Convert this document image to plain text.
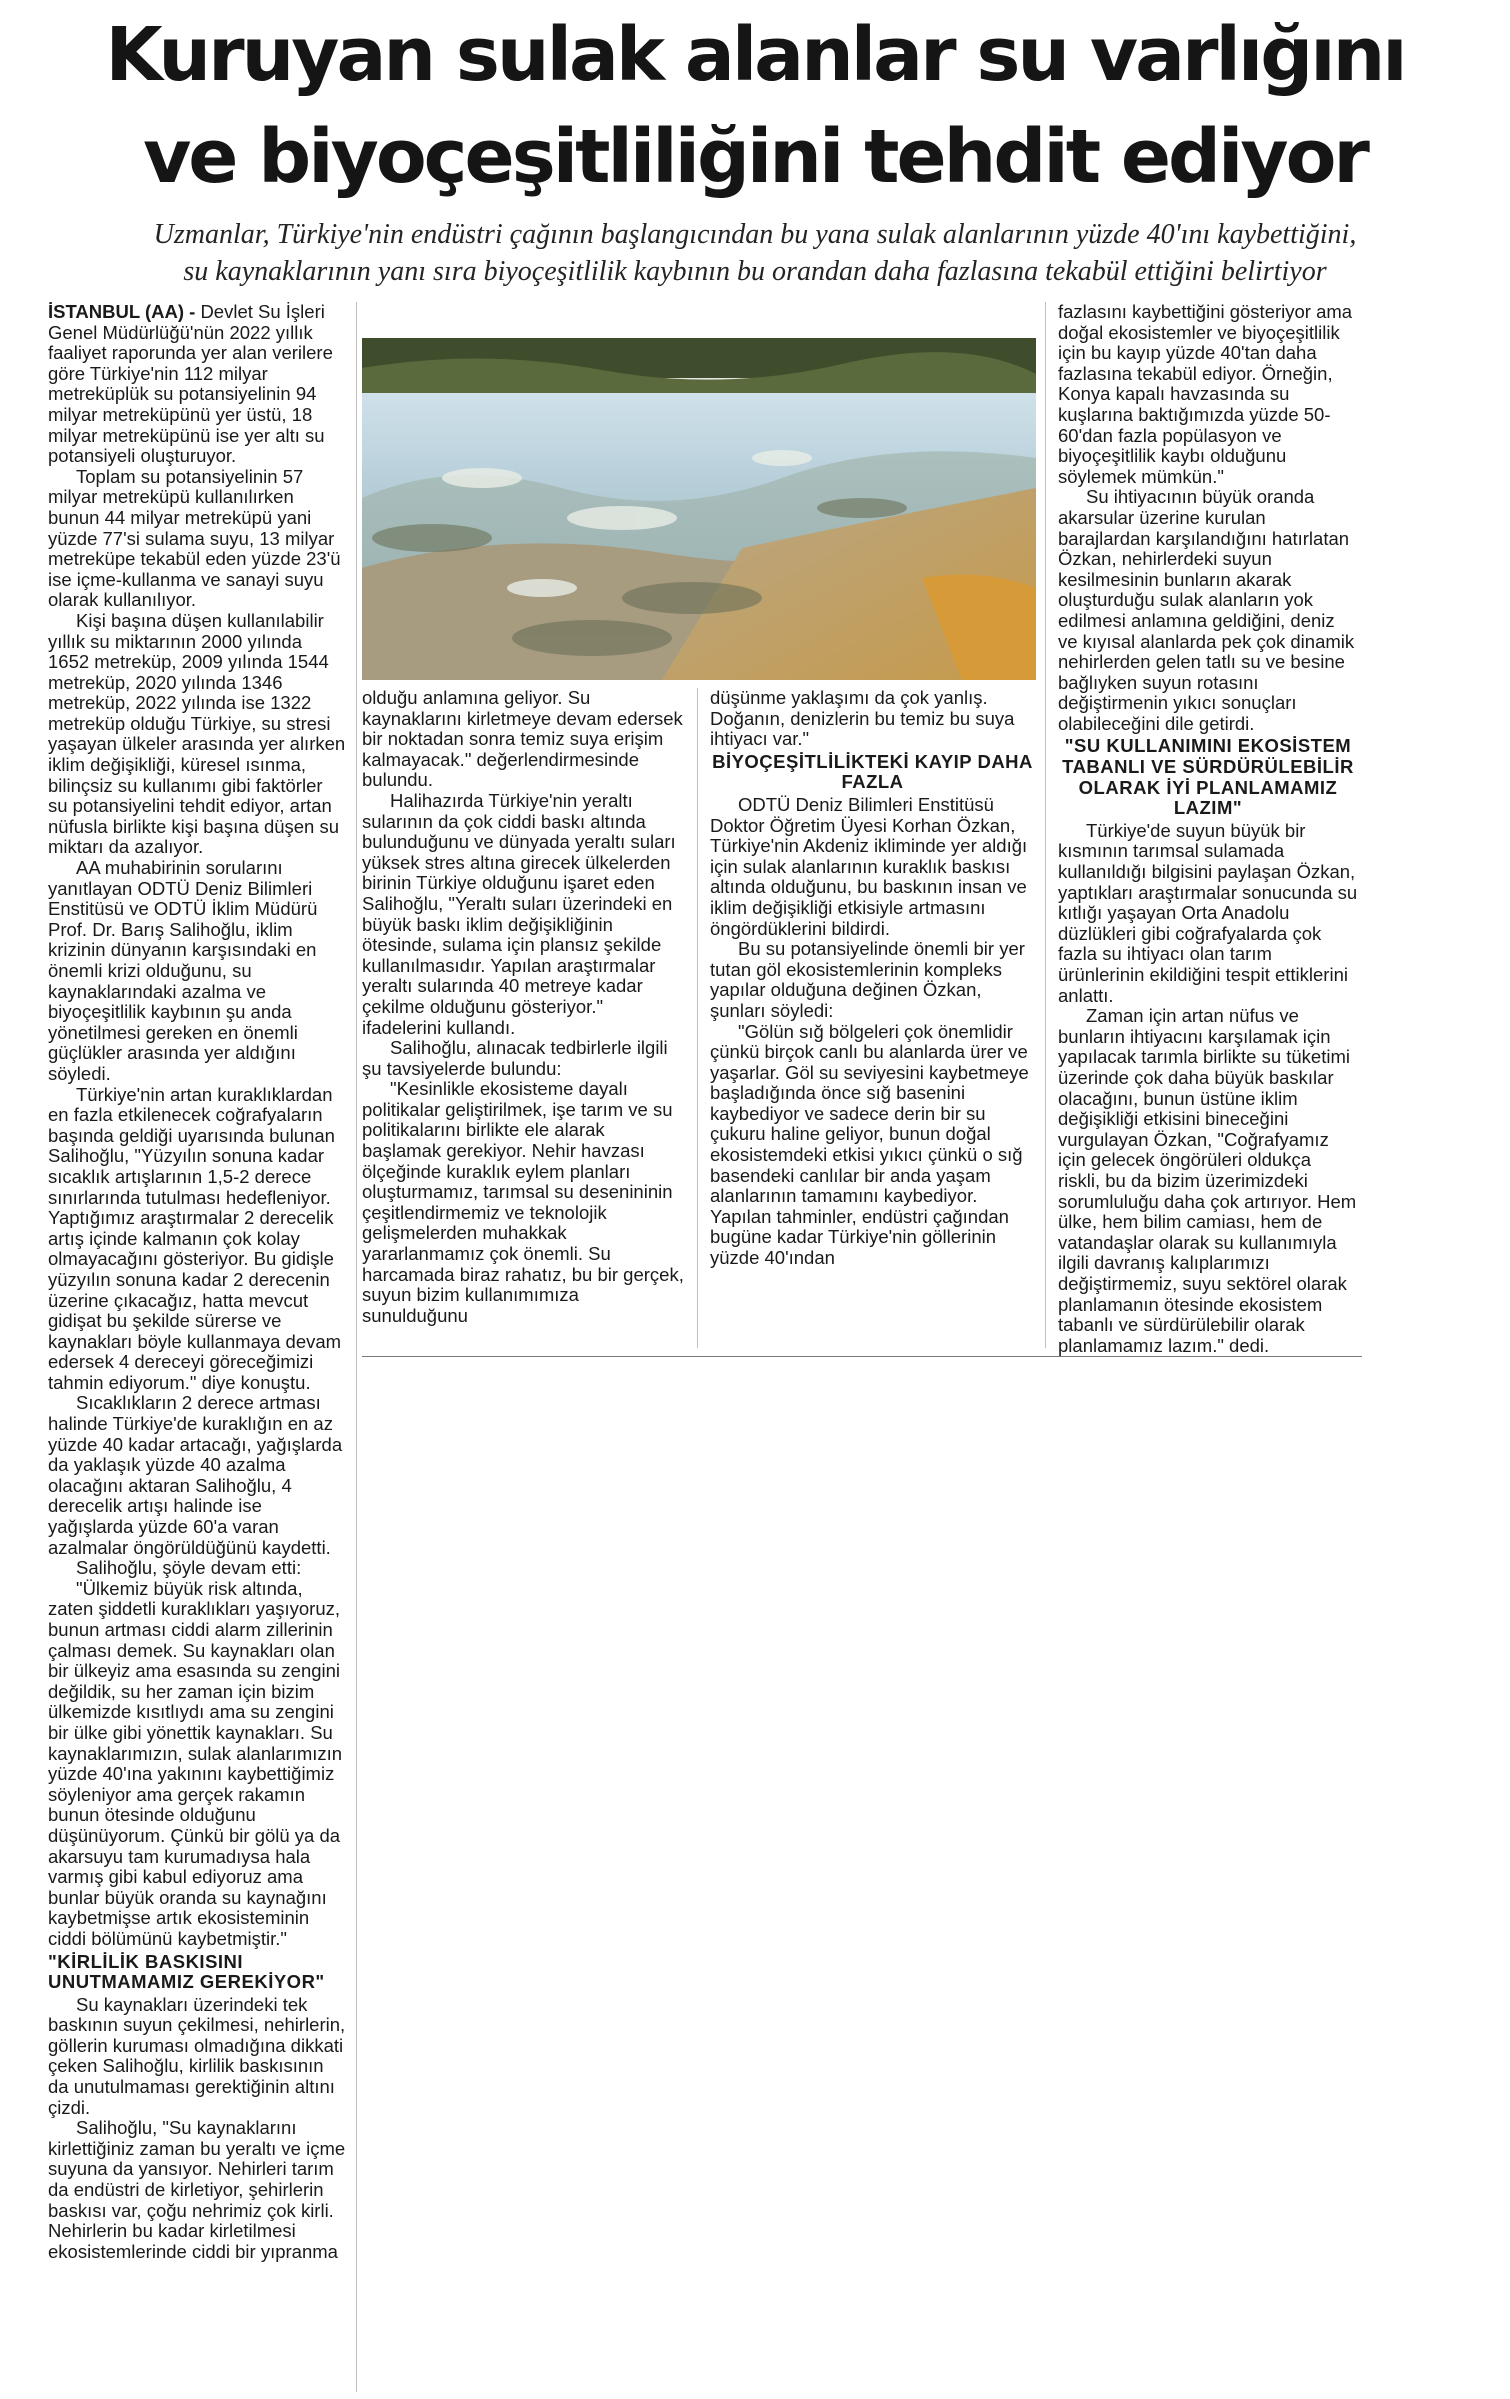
Kuruyan sulak alanlar su varlığını
ve biyoçeşitliliğini tehdit ediyor
Uzmanlar, Türkiye'nin endüstri çağının başlangıcından bu yana sulak alanlarının yüzde 40'ını kaybettiğini,
su kaynaklarının yanı sıra biyoçeşitlilik kaybının bu orandan daha fazlasına tekabül ettiğini belirtiyor

İSTANBUL (AA) - Devlet Su İşleri Genel Müdürlüğü'nün 2022 yıllık faaliyet raporunda yer alan verilere göre Türkiye'nin 112 milyar metreküplük su potansiyelinin 94 milyar metreküpünü yer üstü, 18 milyar metreküpünü ise yer altı su potansiyeli oluşturuyor.

Toplam su potansiyelinin 57 milyar metreküpü kullanılırken bunun 44 milyar metreküpü yani yüzde 77'si sulama suyu, 13 milyar metreküpe tekabül eden yüzde 23'ü ise içme-kullanma ve sanayi suyu olarak kullanılıyor.

Kişi başına düşen kullanılabilir yıllık su miktarının 2000 yılında 1652 metreküp, 2009 yılında 1544 metreküp, 2020 yılında 1346 metreküp, 2022 yılında ise 1322 metreküp olduğu Türkiye, su stresi yaşayan ülkeler arasında yer alırken iklim değişikliği, küresel ısınma, bilinçsiz su kullanımı gibi faktörler su potansiyelini tehdit ediyor, artan nüfusla birlikte kişi başına düşen su miktarı da azalıyor.

AA muhabirinin sorularını yanıtlayan ODTÜ Deniz Bilimleri Enstitüsü ve ODTÜ İklim Müdürü Prof. Dr. Barış Salihoğlu, iklim krizinin dünyanın karşısındaki en önemli krizi olduğunu, su kaynaklarındaki azalma ve biyoçeşitlilik kaybının şu anda yönetilmesi gereken en önemli güçlükler arasında yer aldığını söyledi.

Türkiye'nin artan kuraklıklardan en fazla etkilenecek coğrafyaların başında geldiği uyarısında bulunan Salihoğlu, "Yüzyılın sonuna kadar sıcaklık artışlarının 1,5-2 derece sınırlarında tutulması hedefleniyor. Yaptığımız araştırmalar 2 derecelik artış içinde kalmanın çok kolay olmayacağını gösteriyor. Bu gidişle yüzyılın sonuna kadar 2 derecenin üzerine çıkacağız, hatta mevcut gidişat bu şekilde sürerse ve kaynakları böyle kullanmaya devam edersek 4 dereceyi göreceğimizi tahmin ediyorum." diye konuştu.

Sıcaklıkların 2 derece artması halinde Türkiye'de kuraklığın en az yüzde 40 kadar artacağı, yağışlarda da yaklaşık yüzde 40 azalma olacağını aktaran Salihoğlu, 4 derecelik artışı halinde ise yağışlarda yüzde 60'a varan azalmalar öngörüldüğünü kaydetti.

Salihoğlu, şöyle devam etti:

"Ülkemiz büyük risk altında, zaten şiddetli kuraklıkları yaşıyoruz, bunun artması ciddi alarm zillerinin çalması demek. Su kaynakları olan bir ülkeyiz ama esasında su zengini değildik, su her zaman için bizim ülkemizde kısıtlıydı ama su zengini bir ülke gibi yönettik kaynakları. Su kaynaklarımızın, sulak alanlarımızın yüzde 40'ına yakınını kaybettiğimiz söyleniyor ama gerçek rakamın bunun ötesinde olduğunu düşünüyorum. Çünkü bir gölü ya da akarsuyu tam kurumadıysa hala varmış gibi kabul ediyoruz ama bunlar büyük oranda su kaynağını kaybetmişse artık ekosisteminin ciddi bölümünü kaybetmiştir."

"KİRLİLİK BASKISINI UNUTMAMAMIZ GEREKİYOR"

Su kaynakları üzerindeki tek baskının suyun çekilmesi, nehirlerin, göllerin kuruması olmadığına dikkati çeken Salihoğlu, kirlilik baskısının da unutulmaması gerektiğinin altını çizdi.

Salihoğlu, "Su kaynaklarını kirlettiğiniz zaman bu yeraltı ve içme suyuna da yansıyor. Nehirleri tarım da endüstri de kirletiyor, şehirlerin baskısı var, çoğu nehrimiz çok kirli. Nehirlerin bu kadar kirletilmesi ekosistemlerinde ciddi bir yıpranma

olduğu anlamına geliyor. Su kaynaklarını kirletmeye devam edersek bir noktadan sonra temiz suya erişim kalmayacak." değerlendirmesinde bulundu.

Halihazırda Türkiye'nin yeraltı sularının da çok ciddi baskı altında bulunduğunu ve dünyada yeraltı suları yüksek stres altına girecek ülkelerden birinin Türkiye olduğunu işaret eden Salihoğlu, "Yeraltı suları üzerindeki en büyük baskı iklim değişikliğinin ötesinde, sulama için plansız şekilde kullanılmasıdır. Yapılan araştırmalar yeraltı sularında 40 metreye kadar çekilme olduğunu gösteriyor." ifadelerini kullandı.

Salihoğlu, alınacak tedbirlerle ilgili şu tavsiyelerde bulundu:

"Kesinlikle ekosisteme dayalı politikalar geliştirilmek, işe tarım ve su politikalarını birlikte ele alarak başlamak gerekiyor. Nehir havzası ölçeğinde kuraklık eylem planları oluşturmamız, tarımsal su desenininin çeşitlendirmemiz ve teknolojik gelişmelerden muhakkak yararlanmamız çok önemli. Su harcamada biraz rahatız, bu bir gerçek, suyun bizim kullanımımıza sunulduğunu

düşünme yaklaşımı da çok yanlış. Doğanın, denizlerin bu temiz bu suya ihtiyacı var."

BİYOÇEŞİTLİLİKTEKİ KAYIP DAHA FAZLA

ODTÜ Deniz Bilimleri Enstitüsü Doktor Öğretim Üyesi Korhan Özkan, Türkiye'nin Akdeniz ikliminde yer aldığı için sulak alanlarının kuraklık baskısı altında olduğunu, bu baskının insan ve iklim değişikliği etkisiyle artmasını öngördüklerini bildirdi.

Bu su potansiyelinde önemli bir yer tutan göl ekosistemlerinin kompleks yapılar olduğuna değinen Özkan, şunları söyledi:

"Gölün sığ bölgeleri çok önemlidir çünkü birçok canlı bu alanlarda ürer ve yaşarlar. Göl su seviyesini kaybetmeye başladığında önce sığ basenini kaybediyor ve sadece derin bir su çukuru haline geliyor, bunun doğal ekosistemdeki etkisi yıkıcı çünkü o sığ basendeki canlılar bir anda yaşam alanlarının tamamını kaybediyor. Yapılan tahminler, endüstri çağından bugüne kadar Türkiye'nin göllerinin yüzde 40'ından

fazlasını kaybettiğini gösteriyor ama doğal ekosistemler ve biyoçeşitlilik için bu kayıp yüzde 40'tan daha fazlasına tekabül ediyor. Örneğin, Konya kapalı havzasında su kuşlarına baktığımızda yüzde 50-60'dan fazla popülasyon ve biyoçeşitlilik kaybı olduğunu söylemek mümkün."

Su ihtiyacının büyük oranda akarsular üzerine kurulan barajlardan karşılandığını hatırlatan Özkan, nehirlerdeki suyun kesilmesinin bunların akarak oluşturduğu sulak alanların yok edilmesi anlamına geldiğini, deniz ve kıyısal alanlarda pek çok dinamik nehirlerden gelen tatlı su ve besine bağlıyken suyun rotasını değiştirmenin yıkıcı sonuçları olabileceğini dile getirdi.

"SU KULLANIMINI EKOSİSTEM TABANLI VE SÜRDÜRÜLEBİLİR OLARAK İYİ PLANLAMAMIZ LAZIM"

Türkiye'de suyun büyük bir kısmının tarımsal sulamada kullanıldığı bilgisini paylaşan Özkan, yaptıkları araştırmalar sonucunda su kıtlığı yaşayan Orta Anadolu düzlükleri gibi coğrafyalarda çok fazla su ihtiyacı olan tarım ürünlerinin ekildiğini tespit ettiklerini anlattı.

Zaman için artan nüfus ve bunların ihtiyacını karşılamak için yapılacak tarımla birlikte su tüketimi üzerinde çok daha büyük baskılar olacağını, bunun üstüne iklim değişikliği etkisini bineceğini vurgulayan Özkan, "Coğrafyamız için gelecek öngörüleri oldukça riskli, bu da bizim üzerimizdeki sorumluluğu daha çok artırıyor. Hem ülke, hem bilim camiası, hem de vatandaşlar olarak su kullanımıyla ilgili davranış kalıplarımızı değiştirmemiz, suyu sektörel olarak planlamanın ötesinde ekosistem tabanlı ve sürdürülebilir olarak planlamamız lazım." dedi.
